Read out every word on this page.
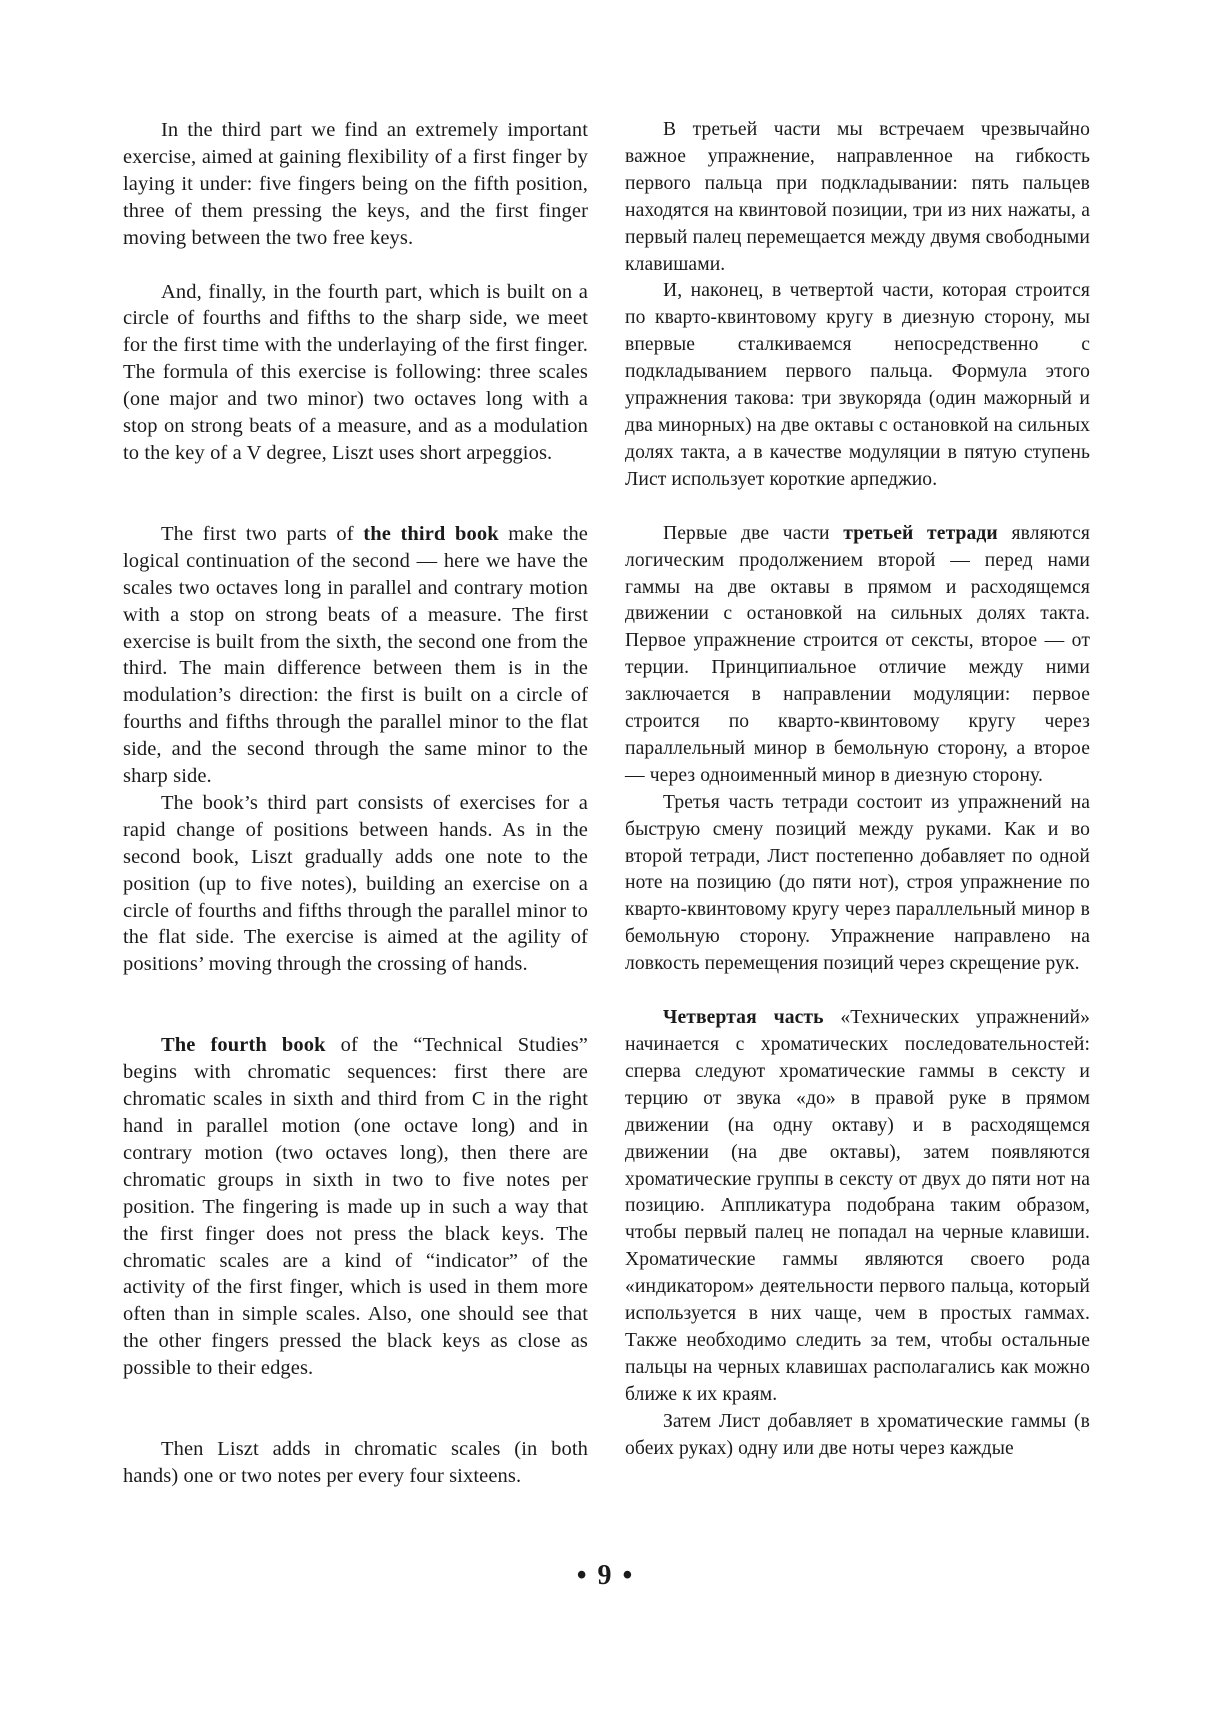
In the third part we find an extremely important exercise, aimed at gaining flexibility of a first finger by laying it under: five fingers being on the fifth position, three of them pressing the keys, and the first finger moving between the two free keys.

And, finally, in the fourth part, which is built on a circle of fourths and fifths to the sharp side, we meet for the first time with the underlaying of the first finger. The formula of this exercise is following: three scales (one major and two minor) two octaves long with a stop on strong beats of a measure, and as a modulation to the key of a V degree, Liszt uses short arpeggios.

The first two parts of the third book make the logical continuation of the second — here we have the scales two octaves long in parallel and contrary motion with a stop on strong beats of a measure. The first exercise is built from the sixth, the second one from the third. The main difference between them is in the modulation’s direction: the first is built on a circle of fourths and fifths through the parallel minor to the flat side, and the second through the same minor to the sharp side.

The book’s third part consists of exercises for a rapid change of positions between hands. As in the second book, Liszt gradually adds one note to the position (up to five notes), building an exercise on a circle of fourths and fifths through the parallel minor to the flat side. The exercise is aimed at the agility of positions’ moving through the crossing of hands.

The fourth book of the “Technical Studies” begins with chromatic sequences: first there are chromatic scales in sixth and third from C in the right hand in parallel motion (one octave long) and in contrary motion (two octaves long), then there are chromatic groups in sixth in two to five notes per position. The fingering is made up in such a way that the first finger does not press the black keys. The chromatic scales are a kind of “indicator” of the activity of the first finger, which is used in them more often than in simple scales. Also, one should see that the other fingers pressed the black keys as close as possible to their edges.

Then Liszt adds in chromatic scales (in both hands) one or two notes per every four sixteens.

В третьей части мы встречаем чрезвычайно важное упражнение, направленное на гибкость первого пальца при подкладывании: пять пальцев находятся на квинтовой позиции, три из них нажаты, а первый палец перемещается между двумя свободными клавишами.

И, наконец, в четвертой части, которая строится по кварто-квинтовому кругу в диезную сторону, мы впервые сталкиваемся непосредственно с подкладыванием первого пальца. Формула этого упражнения такова: три звукоряда (один мажорный и два минорных) на две октавы с остановкой на сильных долях такта, а в качестве модуляции в пятую ступень Лист использует короткие арпеджио.

Первые две части третьей тетради являются логическим продолжением второй — перед нами гаммы на две октавы в прямом и расходящемся движении с остановкой на сильных долях такта. Первое упражнение строится от сексты, второе — от терции. Принципиальное отличие между ними заключается в направлении модуляции: первое строится по кварто-квинтовому кругу через параллельный минор в бемольную сторону, а второе — через одноименный минор в диезную сторону.

Третья часть тетради состоит из упражнений на быструю смену позиций между руками. Как и во второй тетради, Лист постепенно добавляет по одной ноте на позицию (до пяти нот), строя упражнение по кварто-квинтовому кругу через параллельный минор в бемольную сторону. Упражнение направлено на ловкость перемещения позиций через скрещение рук.

Четвертая часть «Технических упражнений» начинается с хроматических последовательностей: сперва следуют хроматические гаммы в сексту и терцию от звука «до» в правой руке в прямом движении (на одну октаву) и в расходящемся движении (на две октавы), затем появляются хроматические группы в сексту от двух до пяти нот на позицию. Аппликатура подобрана таким образом, чтобы первый палец не попадал на черные клавиши. Хроматические гаммы являются своего рода «индикатором» деятельности первого пальца, который используется в них чаще, чем в простых гаммах. Также необходимо следить за тем, чтобы остальные пальцы на черных клавишах располагались как можно ближе к их краям.

Затем Лист добавляет в хроматические гаммы (в обеих руках) одну или две ноты через каждые

• 9 •
